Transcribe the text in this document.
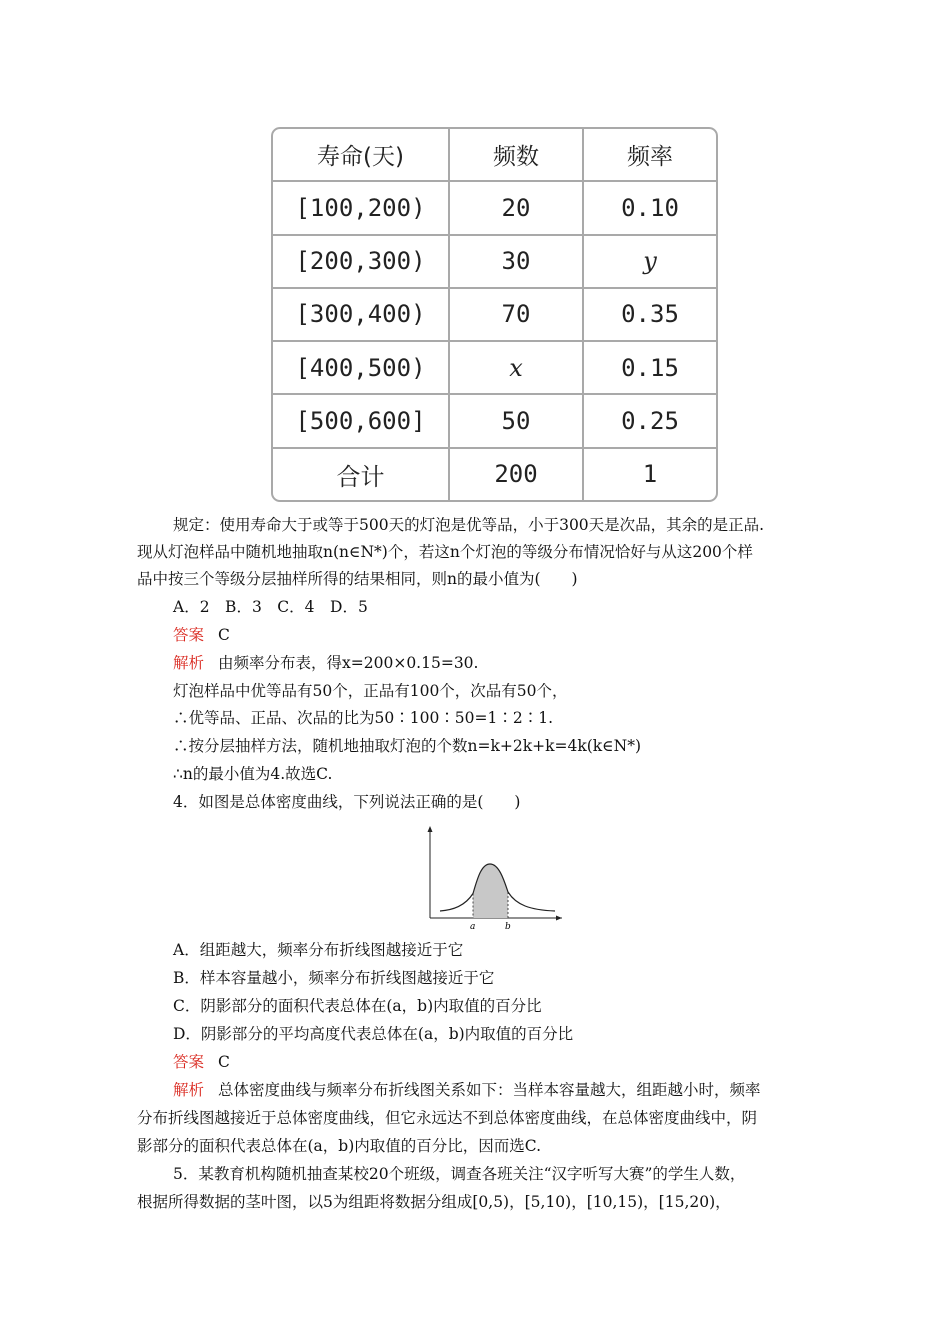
寿命(天)	频数	频率
[100,200)	20	0.10
[200,300)	30	y
[300,400)	70	0.35
[400,500)	x	0.15
[500,600]	50	0.25
合计	200	1
规定：使用寿命大于或等于500天的灯泡是优等品，小于300天是次品，其余的是正品.
现从灯泡样品中随机地抽取n(n∈N*)个，若这n个灯泡的等级分布情况恰好与从这200个样
品中按三个等级分层抽样所得的结果相同，则n的最小值为(　　)
A．2　B．3　C．4　D．5
答案 C
解析 由频率分布表，得x=200×0.15=30.
灯泡样品中优等品有50个，正品有100个，次品有50个，
∴优等品、正品、次品的比为50∶100∶50=1∶2∶1.
∴按分层抽样方法，随机地抽取灯泡的个数n=k+2k+k=4k(k∈N*)
∴n的最小值为4.故选C.
4．如图是总体密度曲线，下列说法正确的是(　　)
a	b
A．组距越大，频率分布折线图越接近于它
B．样本容量越小，频率分布折线图越接近于它
C．阴影部分的面积代表总体在(a，b)内取值的百分比
D．阴影部分的平均高度代表总体在(a，b)内取值的百分比
答案 C
解析 总体密度曲线与频率分布折线图关系如下：当样本容量越大，组距越小时，频率
分布折线图越接近于总体密度曲线，但它永远达不到总体密度曲线，在总体密度曲线中，阴
影部分的面积代表总体在(a，b)内取值的百分比，因而选C.
5．某教育机构随机抽查某校20个班级，调查各班关注“汉字听写大赛”的学生人数，
根据所得数据的茎叶图，以5为组距将数据分组成[0,5)，[5,10)，[10,15)，[15,20)，
